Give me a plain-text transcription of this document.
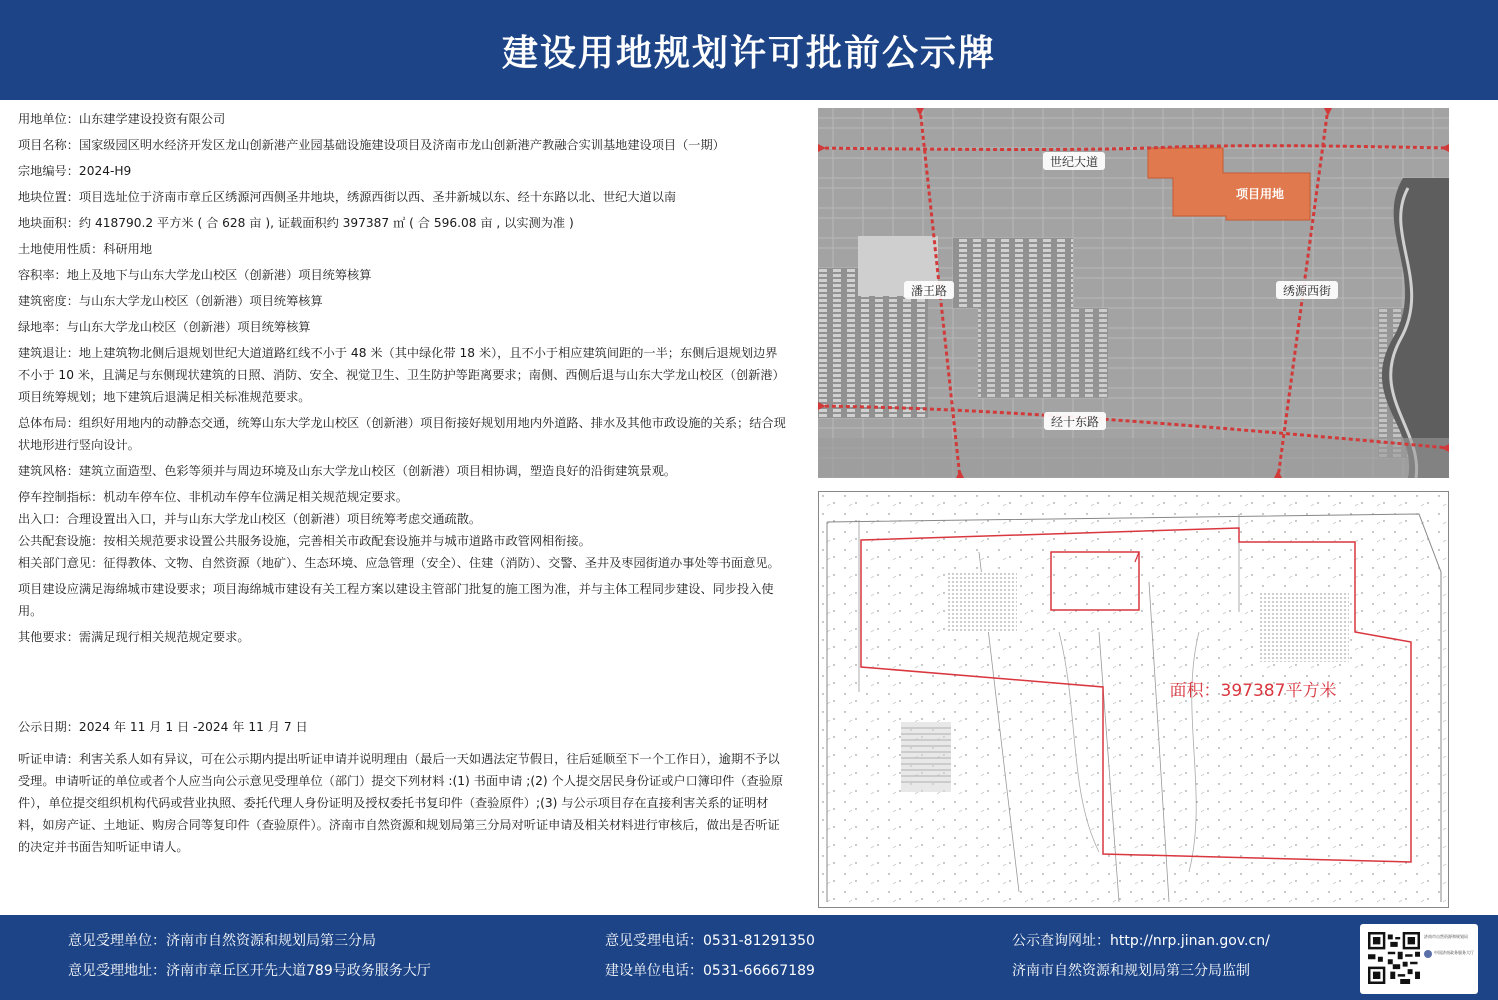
建设用地规划许可批前公示牌

用地单位：山东建学建设投资有限公司

项目名称：国家级园区明水经济开发区龙山创新港产业园基础设施建设项目及济南市龙山创新港产教融合实训基地建设项目（一期）

宗地编号：2024-H9

地块位置：项目选址位于济南市章丘区绣源河西侧圣井地块，绣源西街以西、圣井新城以东、经十东路以北、世纪大道以南

地块面积：约 418790.2 平方米 ( 合 628 亩 ), 证载面积约 397387 ㎡ ( 合 596.08 亩 , 以实测为准 )

土地使用性质：科研用地

容积率：地上及地下与山东大学龙山校区（创新港）项目统筹核算

建筑密度：与山东大学龙山校区（创新港）项目统筹核算

绿地率：与山东大学龙山校区（创新港）项目统筹核算

建筑退让：地上建筑物北侧后退规划世纪大道道路红线不小于 48 米（其中绿化带 18 米），且不小于相应建筑间距的一半；东侧后退规划边界不小于 10 米，且满足与东侧现状建筑的日照、消防、安全、视觉卫生、卫生防护等距离要求；南侧、西侧后退与山东大学龙山校区（创新港）项目统筹规划；地下建筑后退满足相关标准规范要求。

总体布局：组织好用地内的动静态交通，统筹山东大学龙山校区（创新港）项目衔接好规划用地内外道路、排水及其他市政设施的关系；结合现状地形进行竖向设计。

建筑风格：建筑立面造型、色彩等须并与周边环境及山东大学龙山校区（创新港）项目相协调，塑造良好的沿街建筑景观。

停车控制指标：机动车停车位、非机动车停车位满足相关规范规定要求。

出入口：合理设置出入口，并与山东大学龙山校区（创新港）项目统筹考虑交通疏散。

公共配套设施：按相关规范要求设置公共服务设施，完善相关市政配套设施并与城市道路市政管网相衔接。

相关部门意见：征得教体、文物、自然资源（地矿）、生态环境、应急管理（安全）、住建（消防）、交警、圣井及枣园街道办事处等书面意见。

项目建设应满足海绵城市建设要求；项目海绵城市建设有关工程方案以建设主管部门批复的施工图为准，并与主体工程同步建设、同步投入使用。

其他要求：需满足现行相关规范规定要求。

公示日期：2024 年 11 月 1 日 -2024 年 11 月 7 日

听证申请：利害关系人如有异议，可在公示期内提出听证申请并说明理由（最后一天如遇法定节假日，往后延顺至下一个工作日），逾期不予以受理。申请听证的单位或者个人应当向公示意见受理单位（部门）提交下列材料 :(1) 书面申请 ;(2) 个人提交居民身份证或户口簿印件（查验原件），单位提交组织机构代码或营业执照、委托代理人身份证明及授权委托书复印件（查验原件）;(3) 与公示项目存在直接利害关系的证明材料，如房产证、土地证、购房合同等复印件（查验原件）。济南市自然资源和规划局第三分局对听证申请及相关材料进行审核后，做出是否听证的决定并书面告知听证申请人。

世纪大道
潘王路	绣源西街
经十东路
项目用地
面积：397387平方米
意见受理单位：济南市自然资源和规划局第三分局
意见受理地址：济南市章丘区开先大道789号政务服务大厅
意见受理电话：0531-81291350
建设单位电话：0531-66667189
公示查询网址：http://nrp.jinan.gov.cn/
济南市自然资源和规划局第三分局监制
济南市自然资源和规划局
中国济南政务服务大厅
